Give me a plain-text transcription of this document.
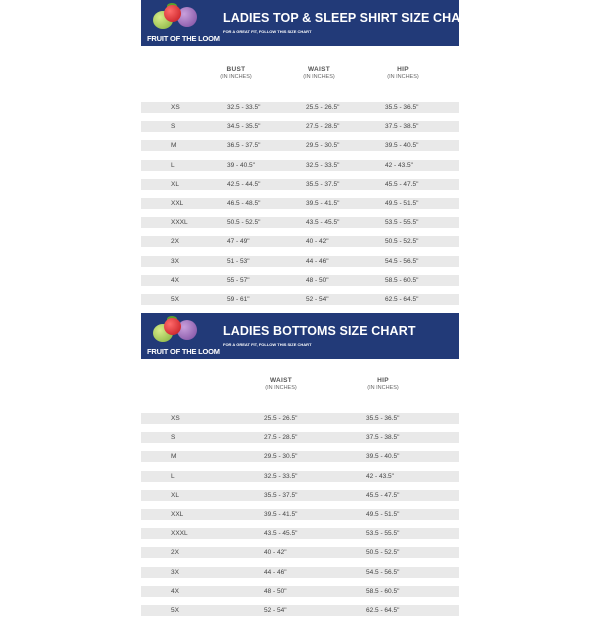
FRUIT OF THE LOOM
LADIES TOP & SLEEP SHIRT SIZE CHART
FOR A GREAT FIT, FOLLOW THIS SIZE CHART
BUST
(IN INCHES)
WAIST
(IN INCHES)
HIP
(IN INCHES)
XS	32.5 - 33.5"	25.5 - 26.5"	35.5 - 36.5"
S	34.5 - 35.5"	27.5 - 28.5"	37.5 - 38.5"
M	36.5 - 37.5"	29.5 - 30.5"	39.5 - 40.5"
L	39 - 40.5"	32.5 - 33.5"	42 - 43.5"
XL	42.5 - 44.5"	35.5 - 37.5"	45.5 - 47.5"
XXL	46.5 - 48.5"	39.5 - 41.5"	49.5 - 51.5"
XXXL	50.5 - 52.5"	43.5 - 45.5"	53.5 - 55.5"
2X	47 - 49"	40 - 42"	50.5 - 52.5"
3X	51 - 53"	44 - 46"	54.5 - 56.5"
4X	55 - 57"	48 - 50"	58.5 - 60.5"
5X	59 - 61"	52 - 54"	62.5 - 64.5"
FRUIT OF THE LOOM
LADIES BOTTOMS SIZE CHART
FOR A GREAT FIT, FOLLOW THIS SIZE CHART
WAIST
(IN INCHES)
HIP
(IN INCHES)
XS	25.5 - 26.5"	35.5 - 36.5"
S	27.5 - 28.5"	37.5 - 38.5"
M	29.5 - 30.5"	39.5 - 40.5"
L	32.5 - 33.5"	42 - 43.5"
XL	35.5 - 37.5"	45.5 - 47.5"
XXL	39.5 - 41.5"	49.5 - 51.5"
XXXL	43.5 - 45.5"	53.5 - 55.5"
2X	40 - 42"	50.5 - 52.5"
3X	44 - 46"	54.5 - 56.5"
4X	48 - 50"	58.5 - 60.5"
5X	52 - 54"	62.5 - 64.5"
